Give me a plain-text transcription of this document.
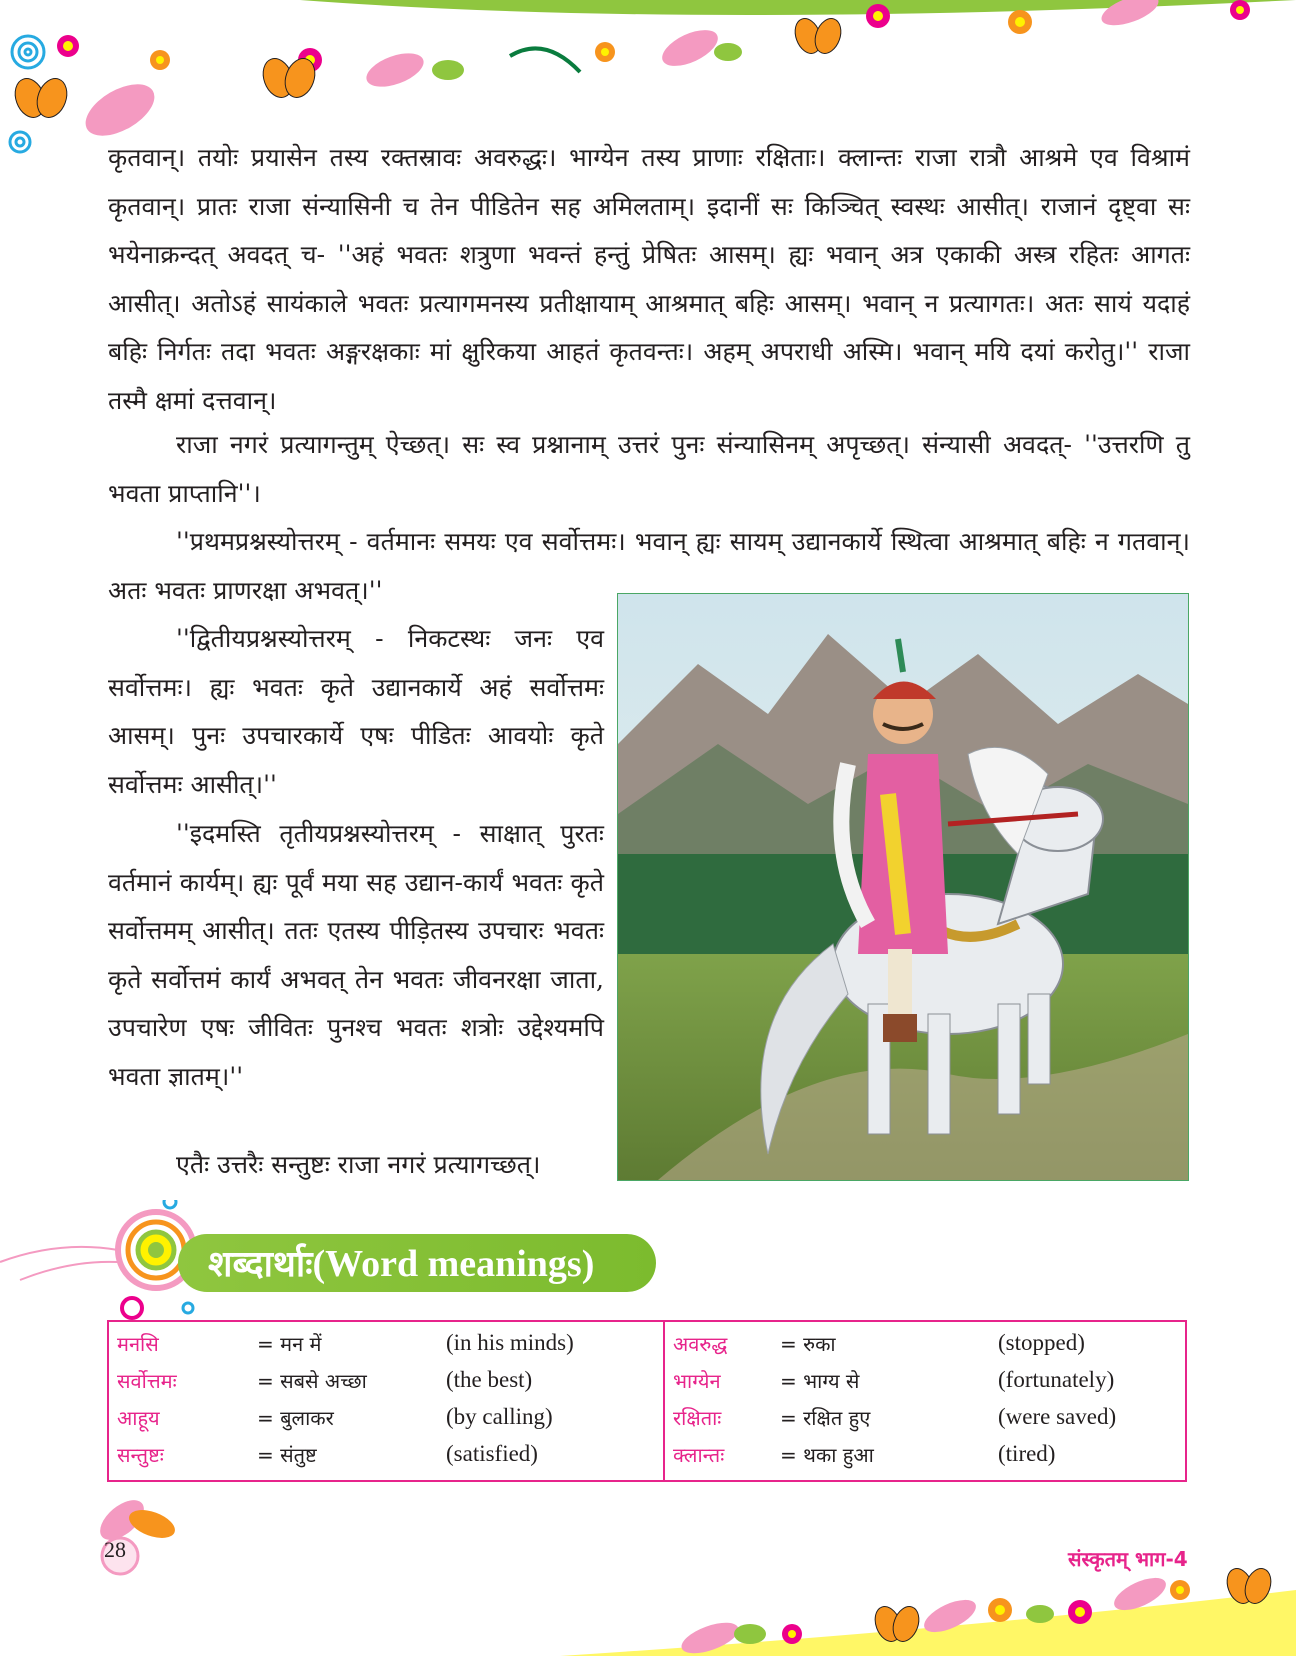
कृतवान्। तयोः प्रयासेन तस्य रक्तस्रावः अवरुद्धः। भाग्येन तस्य प्राणाः रक्षिताः। क्लान्तः राजा रात्रौ आश्रमे एव विश्रामं कृतवान्। प्रातः राजा संन्यासिनी च तेन पीडितेन सह अमिलताम्। इदानीं सः किञ्चित् स्वस्थः आसीत्। राजानं दृष्ट्वा सः भयेनाक्रन्दत् अवदत् च- ''अहं भवतः शत्रुणा भवन्तं हन्तुं प्रेषितः आसम्। ह्यः भवान् अत्र एकाकी अस्त्र रहितः आगतः आसीत्। अतोऽहं सायंकाले भवतः प्रत्यागमनस्य प्रतीक्षायाम् आश्रमात् बहिः आसम्। भवान् न प्रत्यागतः। अतः सायं यदाहं बहिः निर्गतः तदा भवतः अङ्गरक्षकाः मां क्षुरिकया आहतं कृतवन्तः। अहम् अपराधी अस्मि। भवान् मयि दयां करोतु।'' राजा तस्मै क्षमां दत्तवान्।
राजा नगरं प्रत्यागन्तुम् ऐच्छत्। सः स्व प्रश्नानाम् उत्तरं पुनः संन्यासिनम् अपृच्छत्। संन्यासी अवदत्- ''उत्तरणि तु भवता प्राप्तानि''।
''प्रथमप्रश्नस्योत्तरम् - वर्तमानः समयः एव सर्वोत्तमः। भवान् ह्यः सायम् उद्यानकार्ये स्थित्वा आश्रमात् बहिः न गतवान्। अतः भवतः प्राणरक्षा अभवत्।''
''द्वितीयप्रश्नस्योत्तरम् - निकटस्थः जनः एव सर्वोत्तमः। ह्यः भवतः कृते उद्यानकार्ये अहं सर्वोत्तमः आसम्। पुनः उपचारकार्ये एषः पीडितः आवयोः कृते सर्वोत्तमः आसीत्।''
''इदमस्ति तृतीयप्रश्नस्योत्तरम् - साक्षात् पुरतः वर्तमानं कार्यम्। ह्यः पूर्वं मया सह उद्यान-कार्यं भवतः कृते सर्वोत्तमम् आसीत्। ततः एतस्य पीड़ितस्य उपचारः भवतः कृते सर्वोत्तमं कार्यं अभवत् तेन भवतः जीवनरक्षा जाता, उपचारेण एषः जीवितः पुनश्च भवतः शत्रोः उद्देश्यमपि भवता ज्ञातम्।''
एतैः उत्तरैः सन्तुष्टः राजा नगरं प्रत्यागच्छत्।
शब्दार्थाः(Word meanings)
मनसि	= मन में	(in his minds)
सर्वोत्तमः	= सबसे अच्छा	(the best)
आहूय	= बुलाकर	(by calling)
सन्तुष्टः	= संतुष्ट	(satisfied)
अवरुद्ध	= रुका	(stopped)
भाग्येन	= भाग्य से	(fortunately)
रक्षिताः	= रक्षित हुए	(were saved)
क्लान्तः	= थका हुआ	(tired)
28	संस्कृतम् भाग-4
